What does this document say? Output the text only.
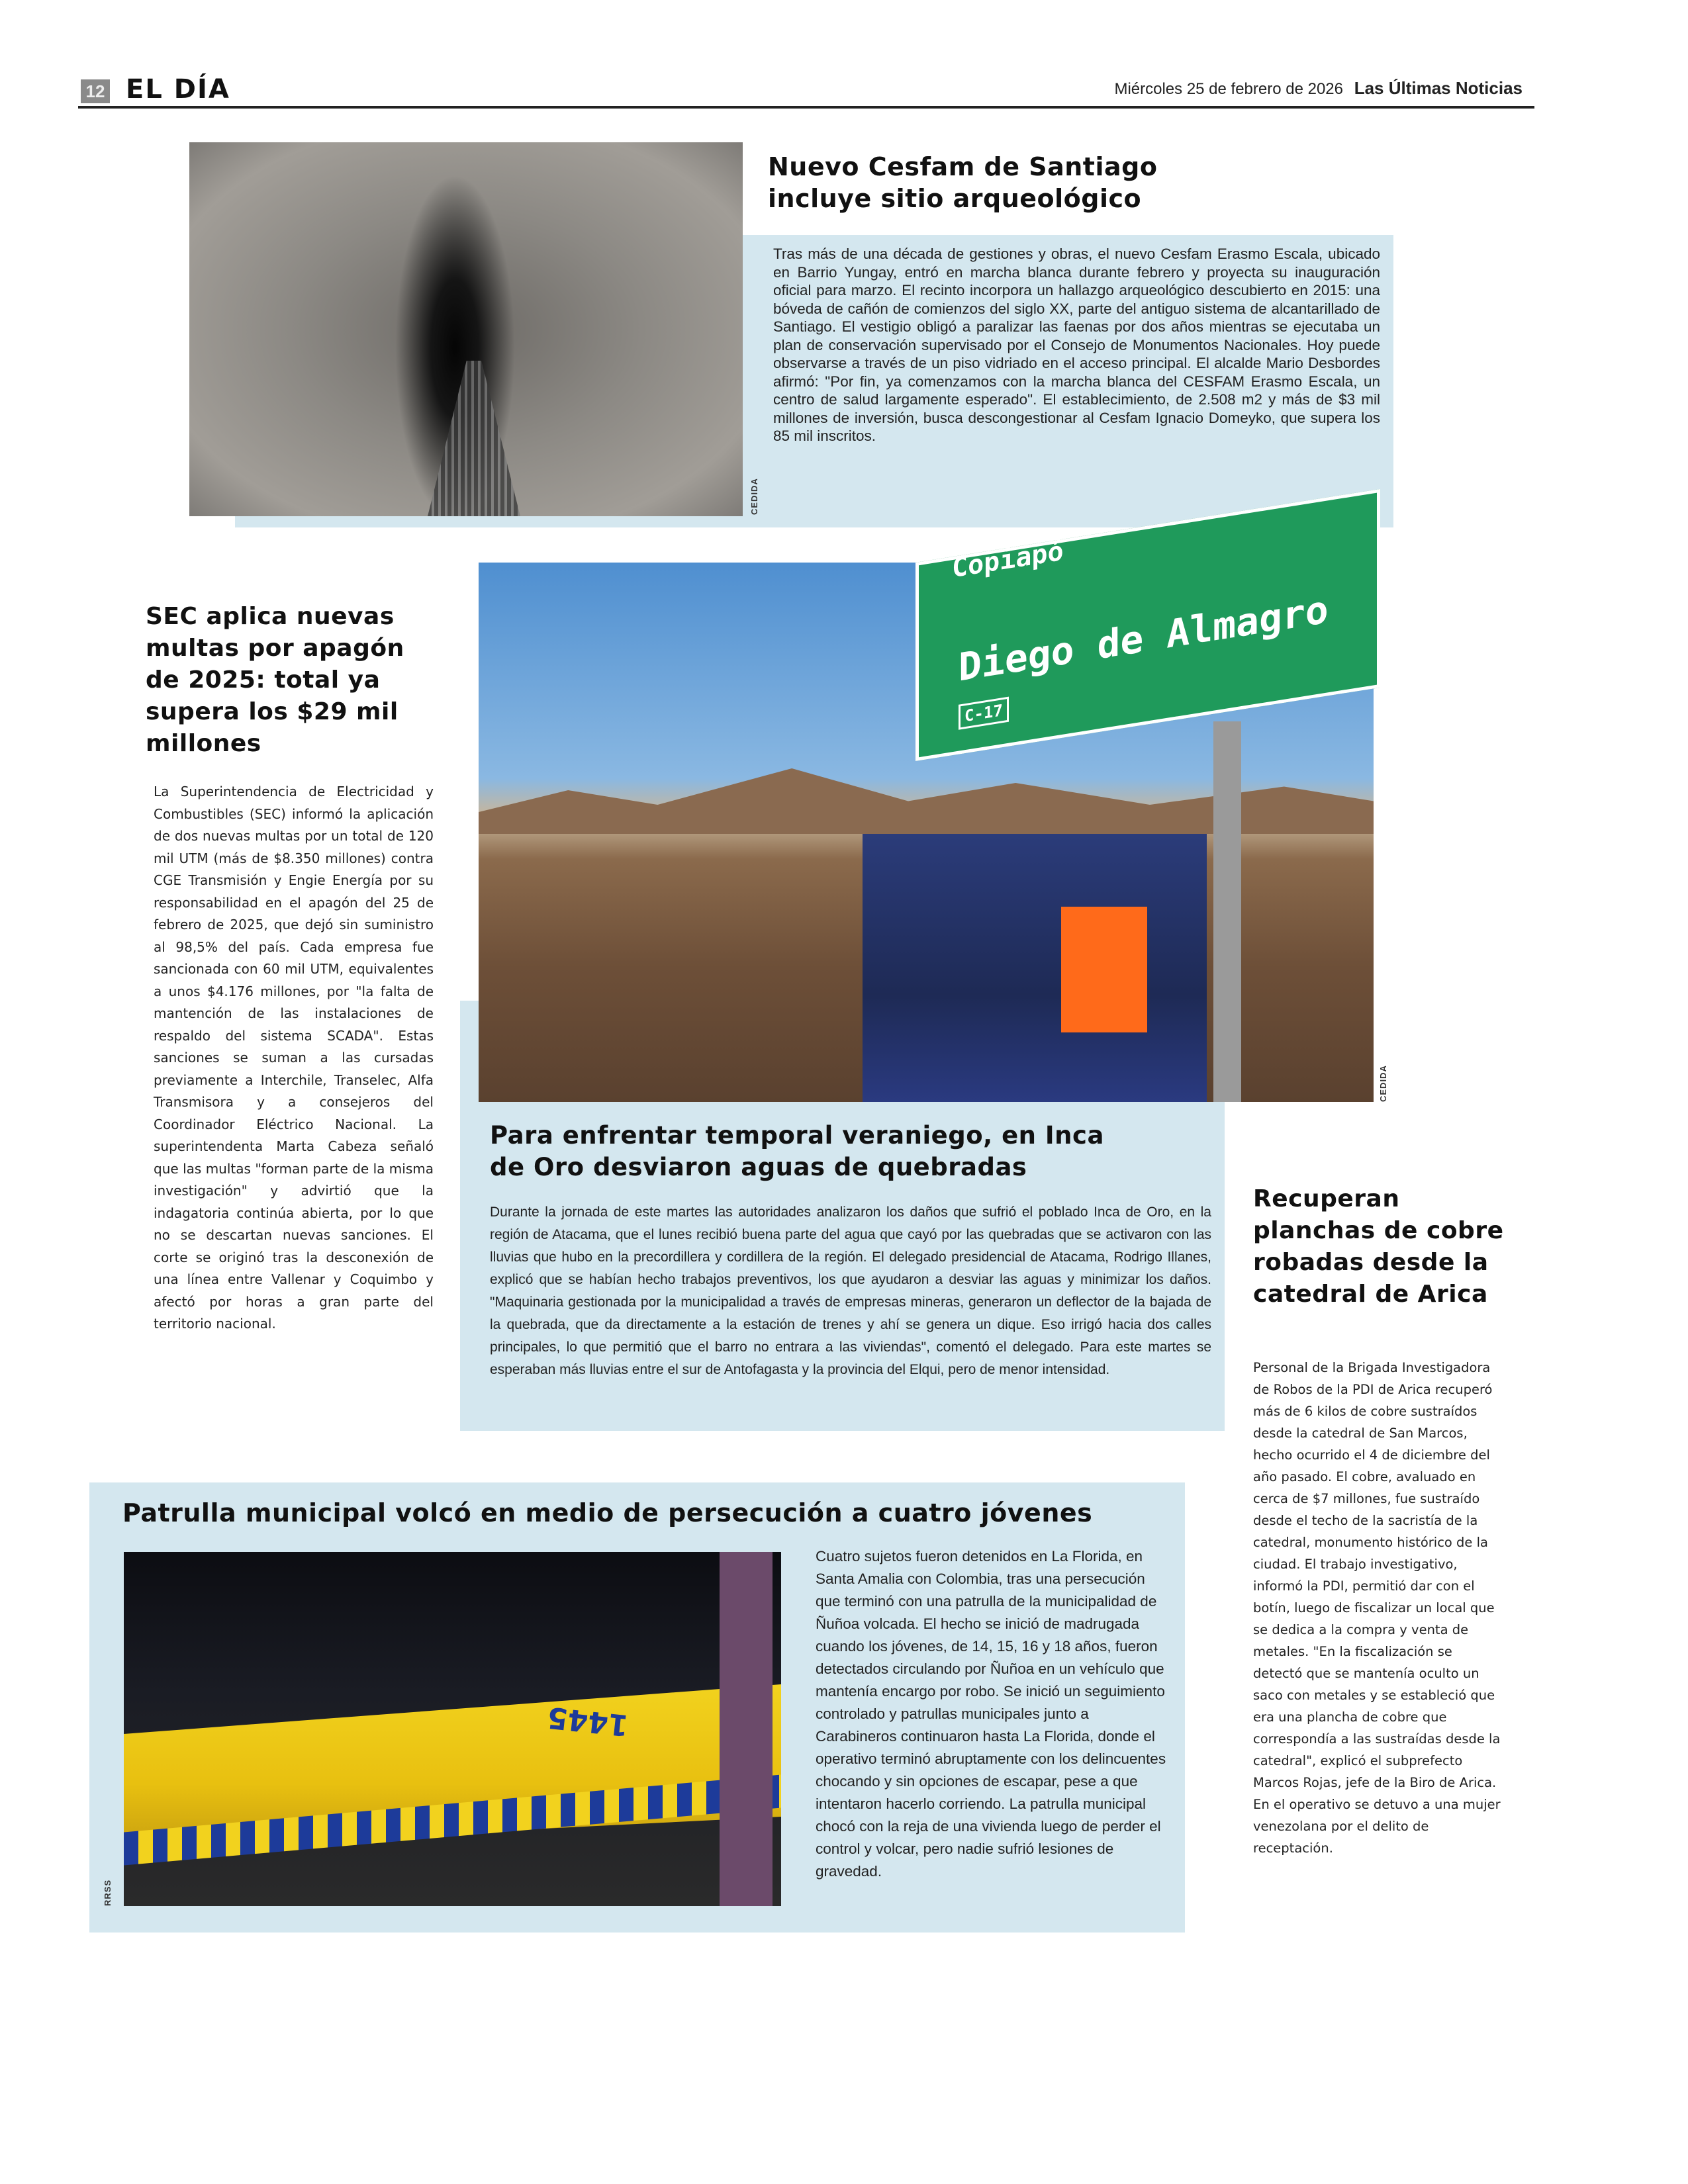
12 EL DÍA	Miércoles 25 de febrero de 2026 Las Últimas Noticias
CEDIDA
Nuevo Cesfam de Santiago
incluye sitio arqueológico
Tras más de una década de gestiones y obras, el nuevo Cesfam Erasmo Escala, ubicado en Barrio Yungay, entró en marcha blanca durante febrero y proyecta su inauguración oficial para marzo. El recinto incorpora un hallazgo arqueológico descubierto en 2015: una bóveda de cañón de comienzos del siglo XX, parte del antiguo sistema de alcantarillado de Santiago. El vestigio obligó a paralizar las faenas por dos años mientras se ejecutaba un plan de conservación supervisado por el Consejo de Monumentos Nacionales. Hoy puede observarse a través de un piso vidriado en el acceso principal. El alcalde Mario Desbordes afirmó: "Por fin, ya comenzamos con la marcha blanca del CESFAM Erasmo Escala, un centro de salud largamente esperado". El establecimiento, de 2.508 m2 y más de $3 mil millones de inversión, busca descongestionar al Cesfam Ignacio Domeyko, que supera los 85 mil inscritos.
SEC aplica nuevas multas por apagón de 2025: total ya supera los $29 mil millones
La Superintendencia de Electricidad y Combustibles (SEC) informó la aplicación de dos nuevas multas por un total de 120 mil UTM (más de $8.350 millones) contra CGE Transmisión y Engie Energía por su responsabilidad en el apagón del 25 de febrero de 2025, que dejó sin suministro al 98,5% del país. Cada empresa fue sancionada con 60 mil UTM, equivalentes a unos $4.176 millones, por "la falta de mantención de las instalaciones de respaldo del sistema SCADA". Estas sanciones se suman a las cursadas previamente a Interchile, Transelec, Alfa Transmisora y a consejeros del Coordinador Eléctrico Nacional. La superintendenta Marta Cabeza señaló que las multas "forman parte de la misma investigación" y advirtió que la indagatoria continúa abierta, por lo que no se descartan nuevas sanciones. El corte se originó tras la desconexión de una línea entre Vallenar y Coquimbo y afectó por horas a gran parte del territorio nacional.
Copiapó
Diego de Almagro
C-17
CEDIDA
Para enfrentar temporal veraniego, en Inca
de Oro desviaron aguas de quebradas
Durante la jornada de este martes las autoridades analizaron los daños que sufrió el poblado Inca de Oro, en la región de Atacama, que el lunes recibió buena parte del agua que cayó por las quebradas que se activaron con las lluvias que hubo en la precordillera y cordillera de la región. El delegado presidencial de Atacama, Rodrigo Illanes, explicó que se habían hecho trabajos preventivos, los que ayudaron a desviar las aguas y minimizar los daños. "Maquinaria gestionada por la municipalidad a través de empresas mineras, generaron un deflector de la bajada de la quebrada, que da directamente a la estación de trenes y ahí se genera un dique. Eso irrigó hacia dos calles principales, lo que permitió que el barro no entrara a las viviendas", comentó el delegado. Para este martes se esperaban más lluvias entre el sur de Antofagasta y la provincia del Elqui, pero de menor intensidad.
Recuperan planchas de cobre robadas desde la catedral de Arica
Personal de la Brigada Investigadora de Robos de la PDI de Arica recuperó más de 6 kilos de cobre sustraídos desde la catedral de San Marcos, hecho ocurrido el 4 de diciembre del año pasado. El cobre, avaluado en cerca de $7 millones, fue sustraído desde el techo de la sacristía de la catedral, monumento histórico de la ciudad. El trabajo investigativo, informó la PDI, permitió dar con el botín, luego de fiscalizar un local que se dedica a la compra y venta de metales. "En la fiscalización se detectó que se mantenía oculto un saco con metales y se estableció que era una plancha de cobre que correspondía a las sustraídas desde la catedral", explicó el subprefecto Marcos Rojas, jefe de la Biro de Arica. En el operativo se detuvo a una mujer venezolana por el delito de receptación.
Patrulla municipal volcó en medio de persecución a cuatro jóvenes
1445
RRSS
Cuatro sujetos fueron detenidos en La Florida, en Santa Amalia con Colombia, tras una persecución que terminó con una patrulla de la municipalidad de Ñuñoa volcada. El hecho se inició de madrugada cuando los jóvenes, de 14, 15, 16 y 18 años, fueron detectados circulando por Ñuñoa en un vehículo que mantenía encargo por robo. Se inició un seguimiento controlado y patrullas municipales junto a Carabineros continuaron hasta La Florida, donde el operativo terminó abruptamente con los delincuentes chocando y sin opciones de escapar, pese a que intentaron hacerlo corriendo. La patrulla municipal chocó con la reja de una vivienda luego de perder el control y volcar, pero nadie sufrió lesiones de gravedad.
